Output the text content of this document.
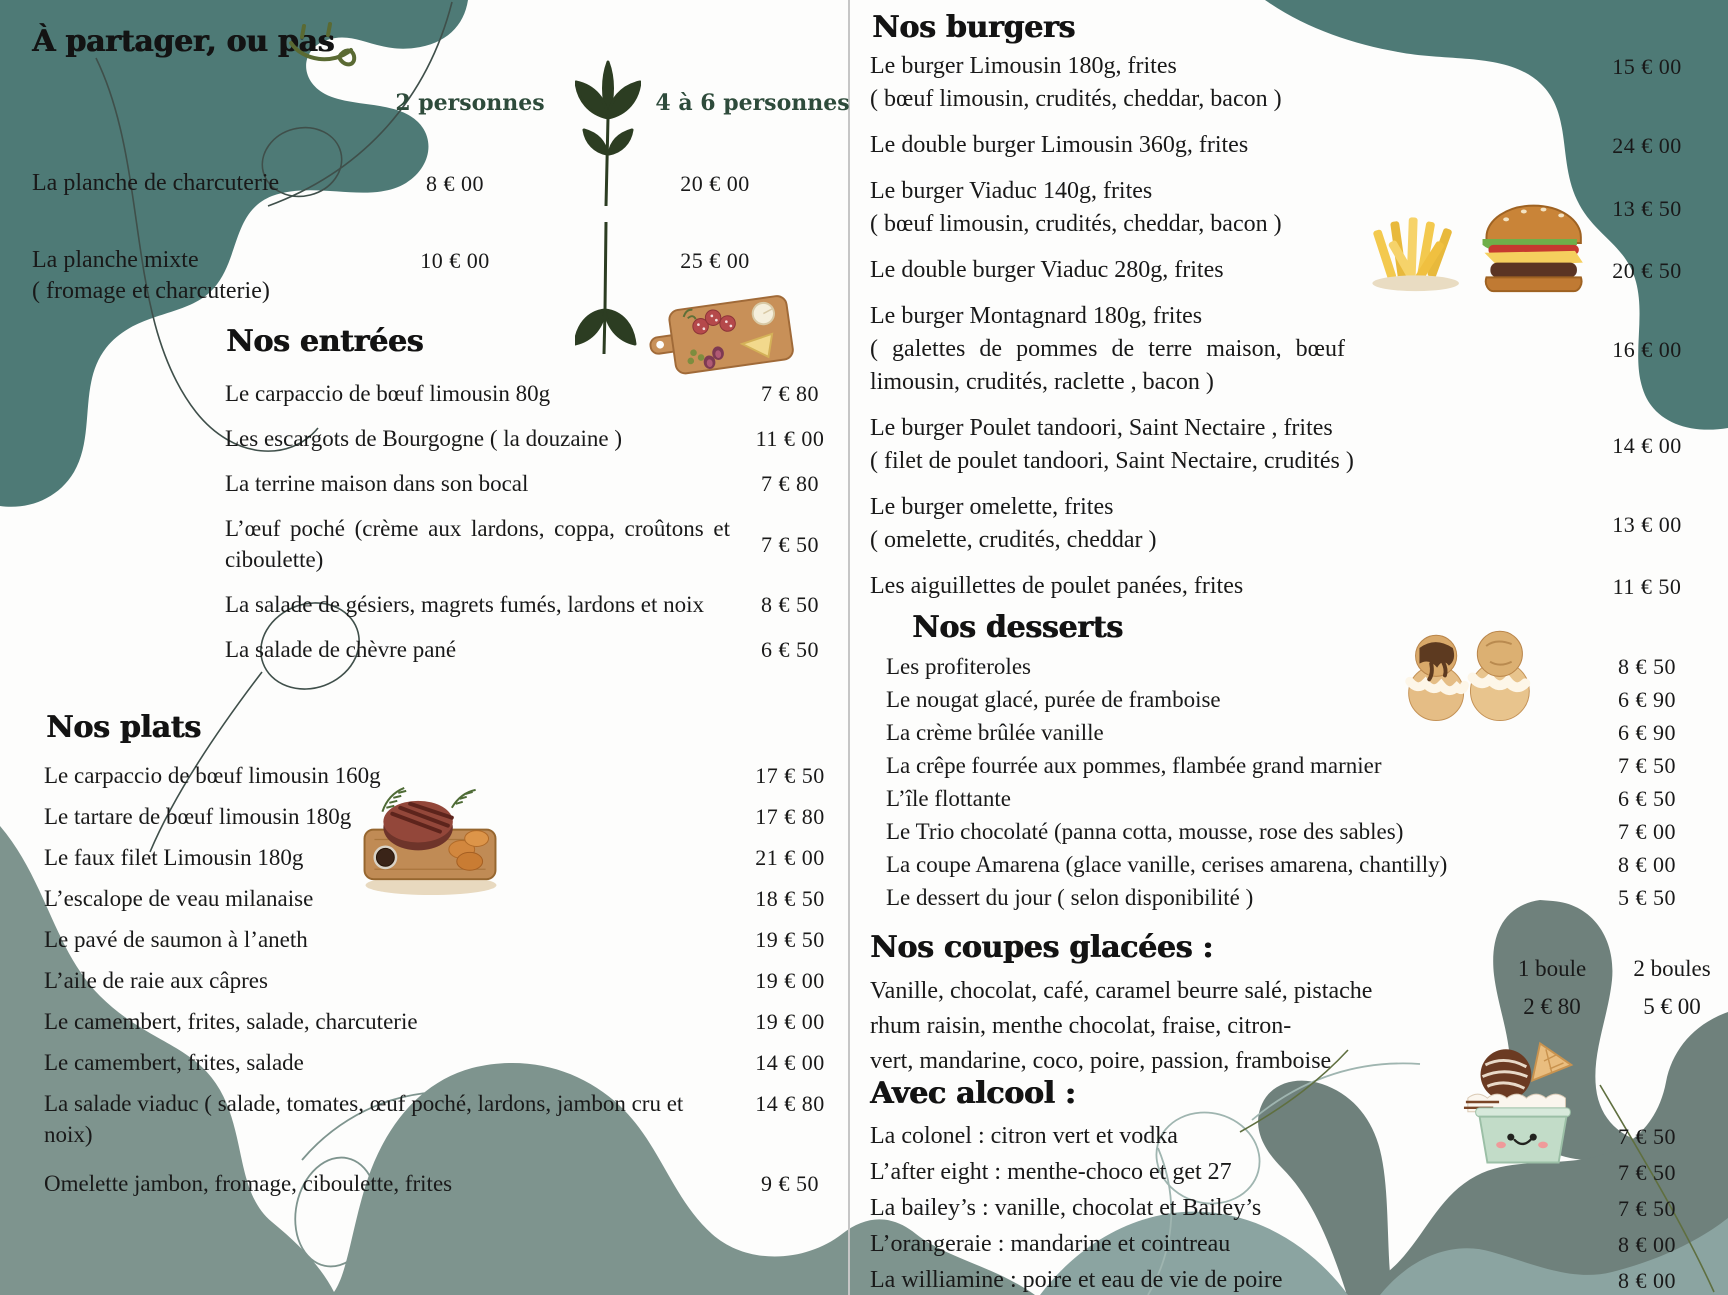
À partager, ou pas
2 personnes	4 à 6 personnes
La planche de charcuterie	8 € 00	20 € 00
La planche mixte
( fromage et charcuterie)
10 € 00	25 € 00
Nos entrées
Le carpaccio de bœuf limousin 80g	7 € 80
Les escargots de Bourgogne ( la douzaine )	11 € 00
La terrine maison dans son bocal	7 € 80
L’œuf poché (crème aux lardons, coppa, croûtons et ciboulette)
7 € 50
La salade de gésiers, magrets fumés, lardons et noix	8 € 50
La salade de chèvre pané	6 € 50
Nos plats
Le carpaccio de bœuf limousin 160g	17 € 50
Le tartare de bœuf limousin 180g	17 € 80
Le faux filet Limousin 180g	21 € 00
L’escalope de veau milanaise	18 € 50
Le pavé de saumon à l’aneth	19 € 50
L’aile de raie aux câpres	19 € 00
Le camembert, frites, salade, charcuterie	19 € 00
Le camembert, frites, salade	14 € 00
La salade viaduc ( salade, tomates, œuf poché, lardons, jambon cru et noix)
14 € 80
Omelette jambon, fromage, ciboulette, frites	9 € 50
Nos burgers
Le burger Limousin 180g, frites
( bœuf limousin, crudités, cheddar, bacon )
15 € 00
Le double burger Limousin 360g, frites	24 € 00
Le burger Viaduc 140g, frites
( bœuf limousin, crudités, cheddar, bacon )
13 € 50
Le double burger Viaduc 280g, frites	20 € 50
Le burger Montagnard 180g, frites
( galettes de pommes de terre maison, bœuf limousin, crudités, raclette , bacon )
16 € 00
Le burger Poulet tandoori, Saint Nectaire , frites
( filet de poulet tandoori, Saint Nectaire, crudités )
14 € 00
Le burger omelette, frites
( omelette, crudités, cheddar )
13 € 00
Les aiguillettes de poulet panées, frites	11 € 50
Nos desserts
Les profiteroles	8 € 50
Le nougat glacé, purée de framboise	6 € 90
La crème brûlée vanille	6 € 90
La crêpe fourrée aux pommes, flambée grand marnier	7 € 50
L’île flottante	6 € 50
Le Trio chocolaté (panna cotta, mousse, rose des sables)	7 € 00
La coupe Amarena (glace vanille, cerises amarena, chantilly)	8 € 00
Le dessert du jour ( selon disponibilité )	5 € 50
Nos coupes glacées :
Vanille, chocolat, café, caramel beurre salé, pistache
rhum raisin, menthe chocolat, fraise, citron-
vert, mandarine, coco, poire, passion, framboise
1 boule	2 boules
2 € 80	5 € 00
Avec alcool :
La colonel : citron vert et vodka	7 € 50
L’after eight : menthe-choco et get 27	7 € 50
La bailey’s : vanille, chocolat et Bailey’s	7 € 50
L’orangeraie : mandarine et cointreau	8 € 00
La williamine : poire et eau de vie de poire	8 € 00
